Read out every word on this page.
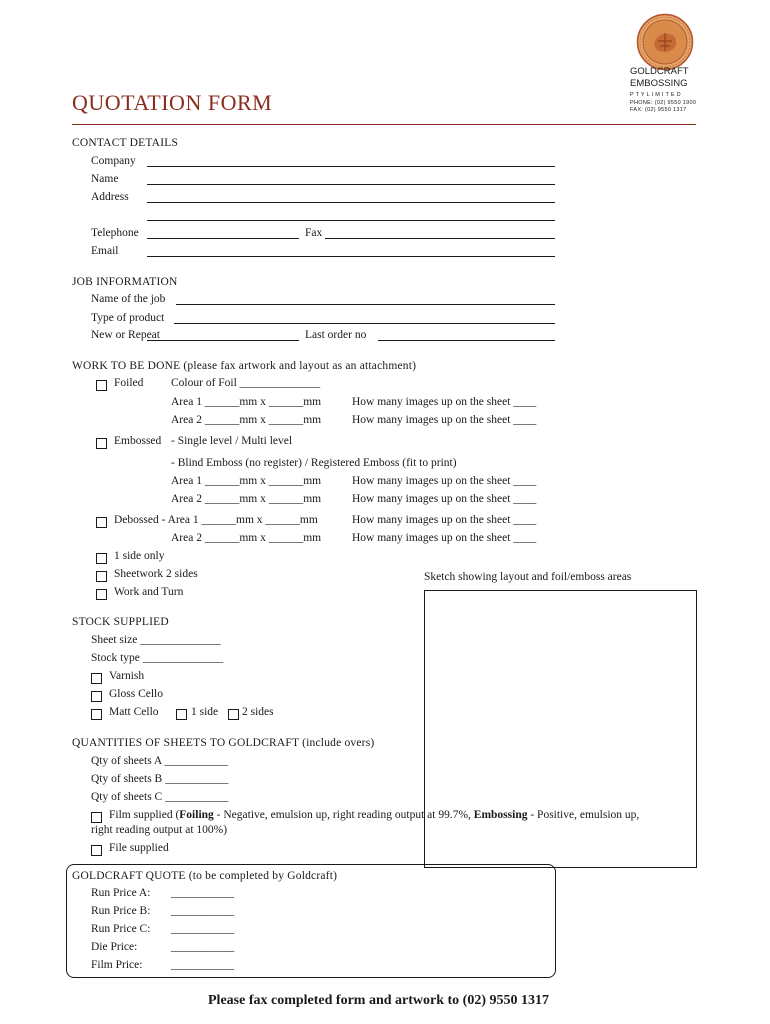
GOLDCRAFT
EMBOSSING
P T Y L I M I T E D
PHONE: (02) 9550 1900
FAX: (02) 9550 1317
QUOTATION FORM
CONTACT DETAILS
Company
Name
Address
Telephone	Fax
Email
JOB INFORMATION
Name of the job
Type of product
New or Repeat	Last order no
WORK TO BE DONE (please fax artwork and layout as an attachment)
Foiled Colour of Foil ______________
Area 1 ______mm x ______mm	How many images up on the sheet ____
Area 2 ______mm x ______mm	How many images up on the sheet ____
Embossed - Single level / Multi level
- Blind Emboss (no register) / Registered Emboss (fit to print)
Area 1 ______mm x ______mm	How many images up on the sheet ____
Area 2 ______mm x ______mm	How many images up on the sheet ____
Debossed - Area 1 ______mm x ______mm	How many images up on the sheet ____
Area 2 ______mm x ______mm	How many images up on the sheet ____
1 side only
Sheetwork 2 sides
Work and Turn
Sketch showing layout and foil/emboss areas
STOCK SUPPLIED
Sheet size ______________
Stock type ______________
Varnish
Gloss Cello
Matt Cello	1 side 2 sides
QUANTITIES OF SHEETS TO GOLDCRAFT (include overs)
Qty of sheets A ___________
Qty of sheets B ___________
Qty of sheets C ___________
Film supplied (Foiling - Negative, emulsion up, right reading output at 99.7%, Embossing - Positive, emulsion up,
right reading output at 100%)
File supplied
GOLDCRAFT QUOTE (to be completed by Goldcraft)
Run Price A: ___________
Run Price B: ___________
Run Price C: ___________
Die Price:	___________
Film Price: ___________
Please fax completed form and artwork to (02) 9550 1317
